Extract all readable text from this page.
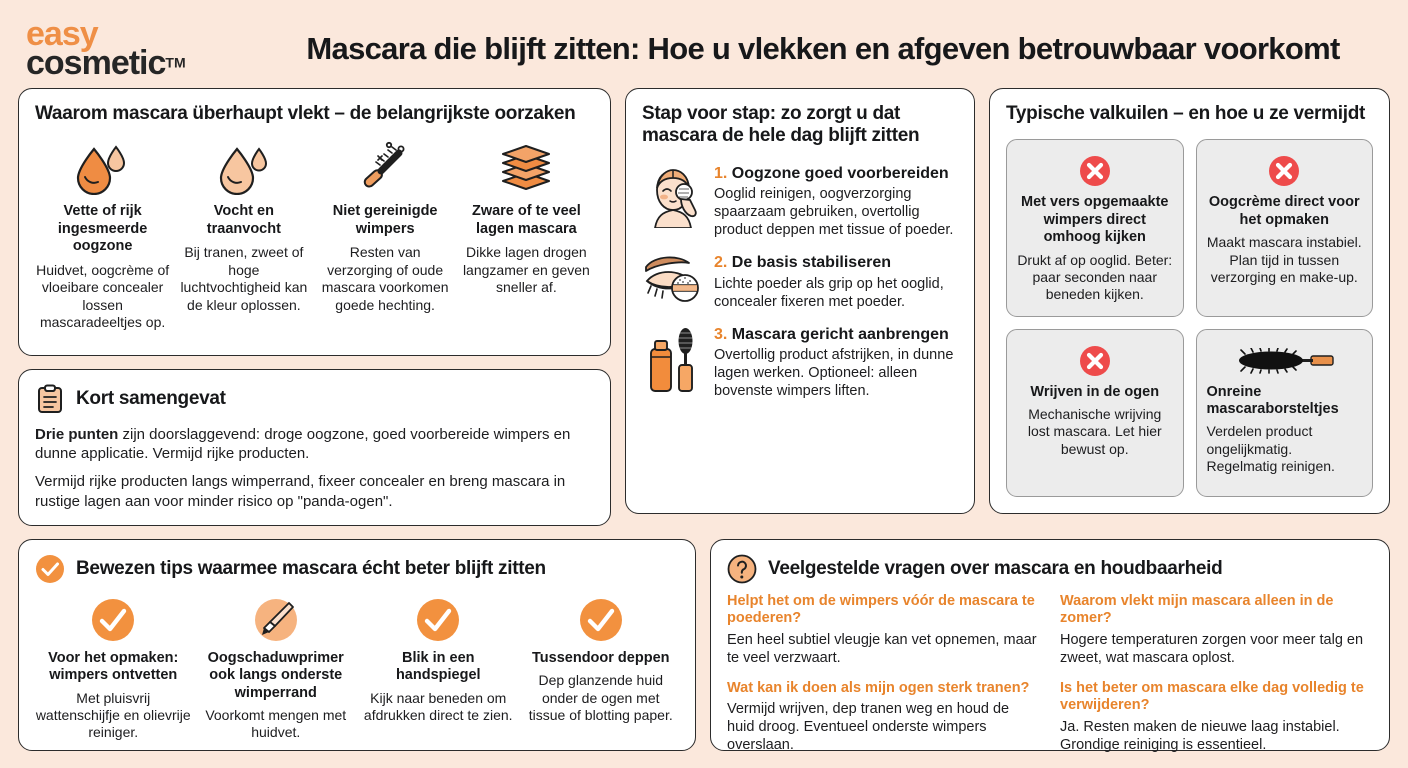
easy
cosmeticTM	Mascara die blijft zitten: Hoe u vlekken en afgeven betrouwbaar voorkomt
Waarom mascara überhaupt vlekt – de belangrijkste oorzaken
Vette of rijk ingesmeerde oogzone
Huidvet, oogcrème of vloeibare concealer lossen mascaradeeltjes op.
Vocht en traanvocht
Bij tranen, zweet of hoge luchtvochtigheid kan de kleur oplossen.
Niet gereinigde wimpers
Resten van verzorging of oude mascara voorkomen goede hechting.
Zware of te veel lagen mascara
Dikke lagen drogen langzamer en geven sneller af.
Kort samengevat

Drie punten zijn doorslaggevend: droge oogzone, goed voorbereide wimpers en dunne applicatie. Vermijd rijke producten.

Vermijd rijke producten langs wimperrand, fixeer concealer en breng mascara in rustige lagen aan voor minder risico op "panda-ogen".

Stap voor stap: zo zorgt u dat mascara de hele dag blijft zitten
1. Oogzone goed voorbereiden
Ooglid reinigen, oogverzorging spaarzaam gebruiken, overtollig product deppen met tissue of poeder.
2. De basis stabiliseren
Lichte poeder als grip op het ooglid, concealer fixeren met poeder.
3. Mascara gericht aanbrengen
Overtollig product afstrijken, in dunne lagen werken. Optioneel: alleen bovenste wimpers liften.
Typische valkuilen – en hoe u ze vermijdt
Met vers opgemaakte wimpers direct omhoog kijken
Drukt af op ooglid. Beter: paar seconden naar beneden kijken.
Oogcrème direct voor het opmaken
Maakt mascara instabiel. Plan tijd in tussen verzorging en make-up.
Wrijven in de ogen
Mechanische wrijving lost mascara. Let hier bewust op.
Onreine mascaraborsteltjes
Verdelen product ongelijkmatig. Regelmatig reinigen.
Bewezen tips waarmee mascara écht beter blijft zitten
Voor het opmaken: wimpers ontvetten
Met pluisvrij wattenschijfje en olievrije reiniger.
Oogschaduwprimer ook langs onderste wimperrand
Voorkomt mengen met huidvet.
Blik in een handspiegel
Kijk naar beneden om afdrukken direct te zien.
Tussendoor deppen
Dep glanzende huid onder de ogen met tissue of blotting paper.
Veelgestelde vragen over mascara en houdbaarheid
Helpt het om de wimpers vóór de mascara te poederen?
Een heel subtiel vleugje kan vet opnemen, maar te veel verzwaart.
Waarom vlekt mijn mascara alleen in de zomer?
Hogere temperaturen zorgen voor meer talg en zweet, wat mascara oplost.
Wat kan ik doen als mijn ogen sterk tranen?
Vermijd wrijven, dep tranen weg en houd de huid droog. Eventueel onderste wimpers overslaan.
Is het beter om mascara elke dag volledig te verwijderen?
Ja. Resten maken de nieuwe laag instabiel. Grondige reiniging is essentieel.
